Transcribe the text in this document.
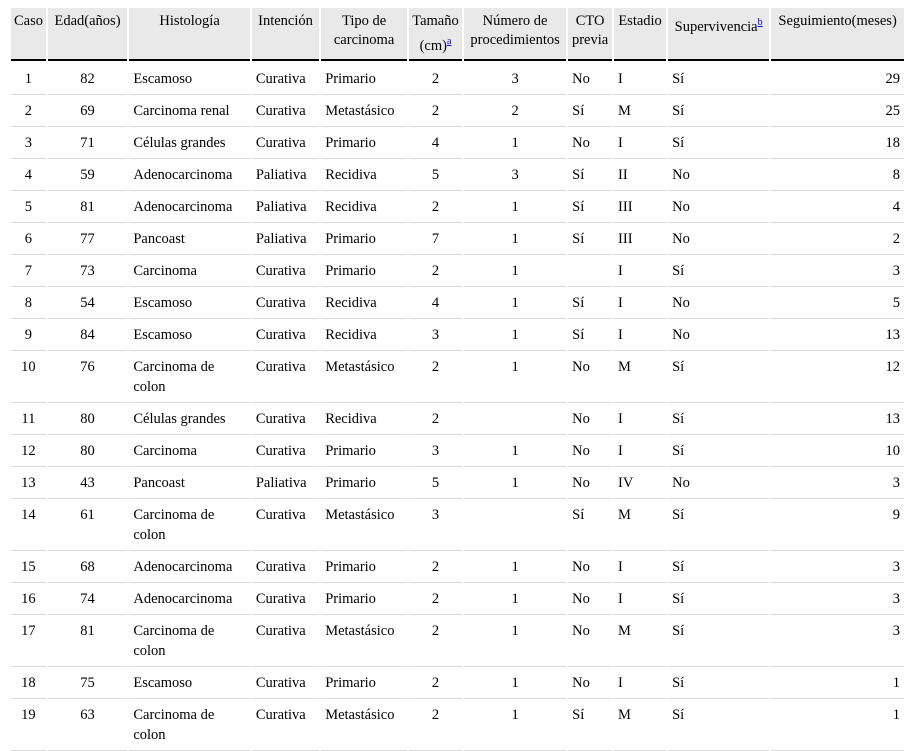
Caso	Edad(años)	Histología	Intención	Tipo de carcinoma	Tamaño (cm)$^a$	Número de procedimientos	CTO previa	Estadio	Supervivencia$^b$	Seguimiento(meses)

1	82	Escamoso	Curativa	Primario	2	3	No	I	Sí	29
2	69	Carcinoma renal	Curativa	Metastásico	2	2	Sí	M	Sí	25
3	71	Células grandes	Curativa	Primario	4	1	No	I	Sí	18
4	59	Adenocarcinoma	Paliativa	Recidiva	5	3	Sí	II	No	8
5	81	Adenocarcinoma	Paliativa	Recidiva	2	1	Sí	III	No	4
6	77	Pancoast	Paliativa	Primario	7	1	Sí	III	No	2
7	73	Carcinoma	Curativa	Primario	2	1		I	Sí	3
8	54	Escamoso	Curativa	Recidiva	4	1	Sí	I	No	5
9	84	Escamoso	Curativa	Recidiva	3	1	Sí	I	No	13
10	76	Carcinoma de colon	Curativa	Metastásico	2	1	No	M	Sí	12
11	80	Células grandes	Curativa	Recidiva	2		No	I	Sí	13
12	80	Carcinoma	Curativa	Primario	3	1	No	I	Sí	10
13	43	Pancoast	Paliativa	Primario	5	1	No	IV	No	3
14	61	Carcinoma de colon	Curativa	Metastásico	3		Sí	M	Sí	9
15	68	Adenocarcinoma	Curativa	Primario	2	1	No	I	Sí	3
16	74	Adenocarcinoma	Curativa	Primario	2	1	No	I	Sí	3
17	81	Carcinoma de colon	Curativa	Metastásico	2	1	No	M	Sí	3
18	75	Escamoso	Curativa	Primario	2	1	No	I	Sí	1
19	63	Carcinoma de colon	Curativa	Metastásico	2	1	Sí	M	Sí	1
